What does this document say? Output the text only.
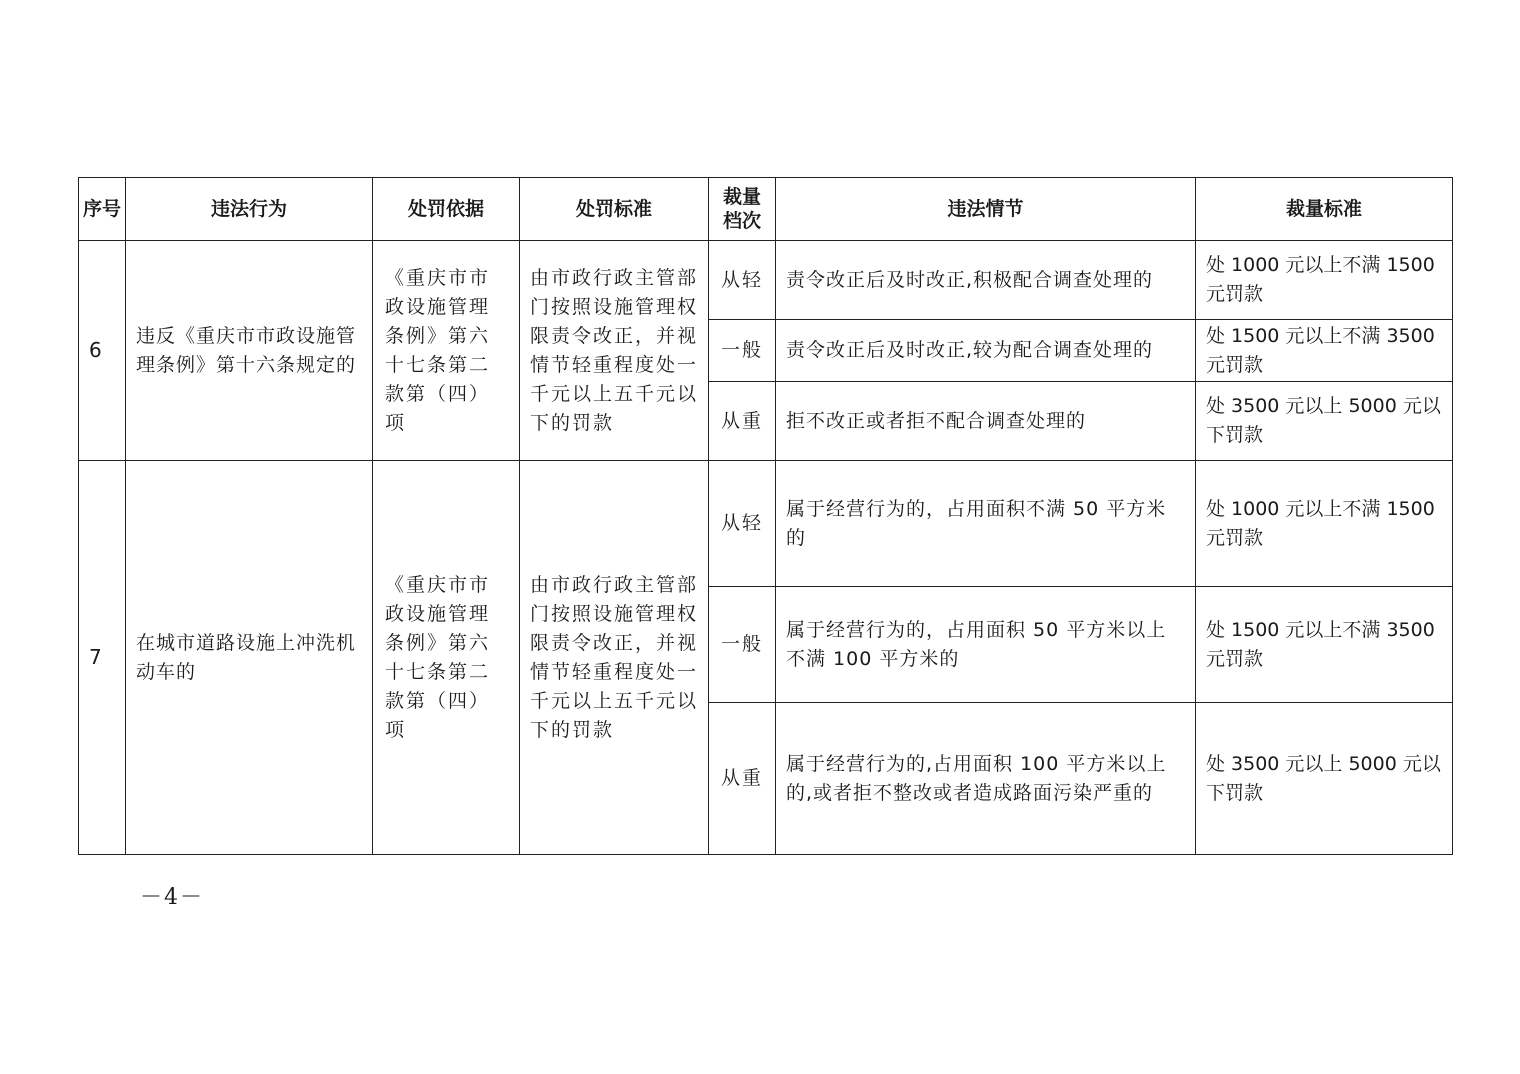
序号	违法行为	处罚依据	处罚标准	裁量档次	违法情节	裁量标准
6	违反《重庆市市政设施管理条例》第十六条规定的	《重庆市市政设施管理条例》第六十七条第二款第（四）项	由市政行政主管部门按照设施管理权限责令改正，并视情节轻重程度处一千元以上五千元以下的罚款	从轻	责令改正后及时改正,积极配合调查处理的	处 1000 元以上不满 1500 元罚款
				一般	责令改正后及时改正,较为配合调查处理的	处 1500 元以上不满 3500 元罚款
				从重	拒不改正或者拒不配合调查处理的	处 3500 元以上 5000 元以下罚款
7	在城市道路设施上冲洗机动车的	《重庆市市政设施管理条例》第六十七条第二款第（四）项	由市政行政主管部门按照设施管理权限责令改正，并视情节轻重程度处一千元以上五千元以下的罚款	从轻	属于经营行为的，占用面积不满 50 平方米的	处 1000 元以上不满 1500 元罚款
				一般	属于经营行为的，占用面积 50 平方米以上不满 100 平方米的	处 1500 元以上不满 3500 元罚款
				从重	属于经营行为的,占用面积 100 平方米以上的,或者拒不整改或者造成路面污染严重的	处 3500 元以上 5000 元以下罚款
－4－
